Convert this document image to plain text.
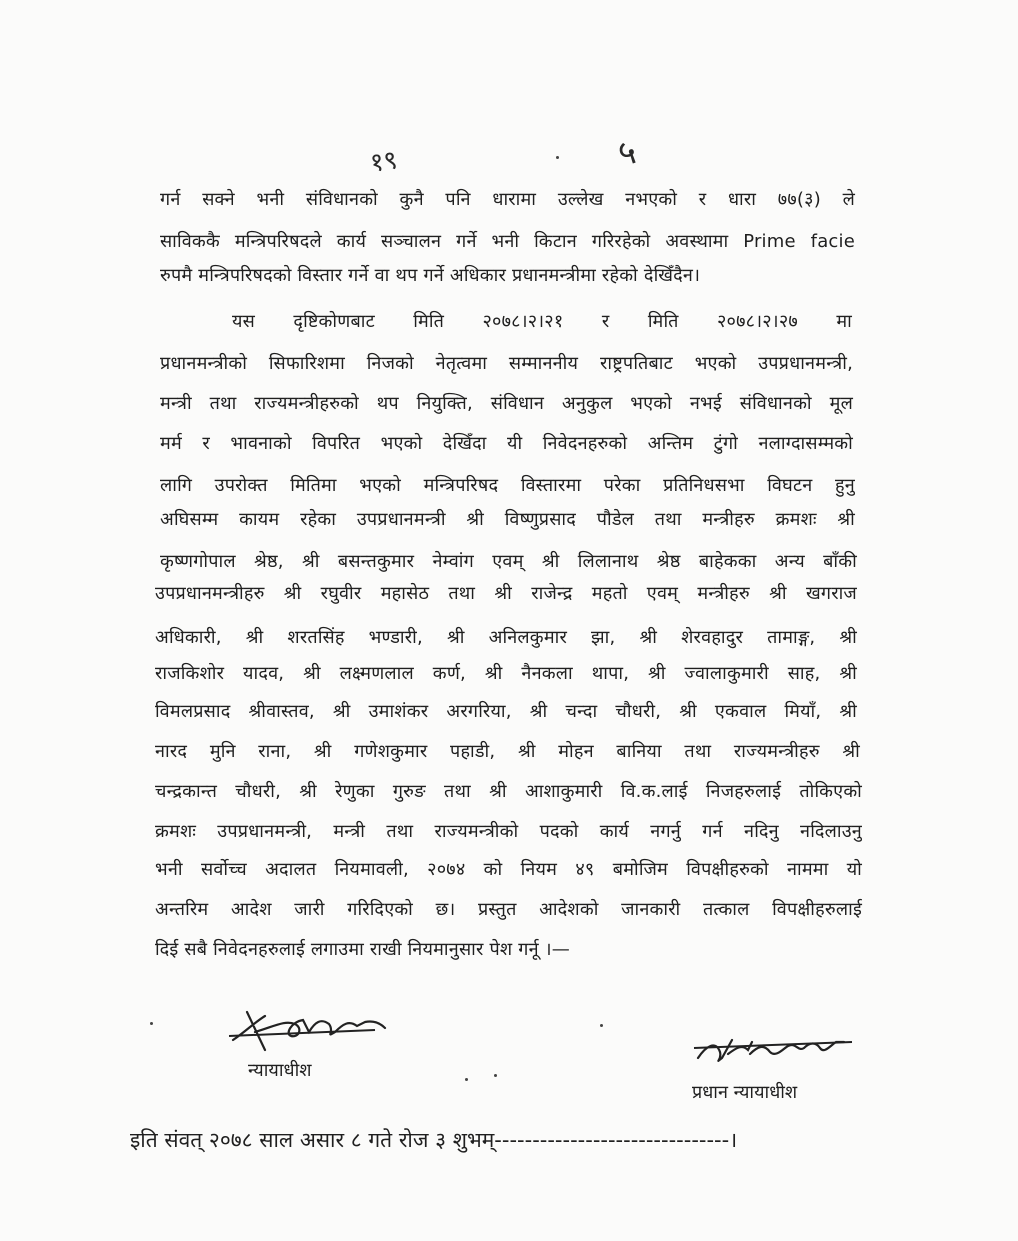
१९	५
गर्न सक्ने भनी संविधानको कुनै पनि धारामा उल्लेख नभएको र धारा ७७(३) ले
साविककै मन्त्रिपरिषदले कार्य सञ्चालन गर्ने भनी किटान गरिरहेको अवस्थामा Prime facie
रुपमै मन्त्रिपरिषदको विस्तार गर्ने वा थप गर्ने अधिकार प्रधानमन्त्रीमा रहेको देखिँदैन।
यस दृष्टिकोणबाट मिति २०७८।२।२१ र मिति २०७८।२।२७ मा
प्रधानमन्त्रीको सिफारिशमा निजको नेतृत्वमा सम्माननीय राष्ट्रपतिबाट भएको उपप्रधानमन्त्री,
मन्त्री तथा राज्यमन्त्रीहरुको थप नियुक्ति, संविधान अनुकुल भएको नभई संविधानको मूल
मर्म र भावनाको विपरित भएको देखिँदा यी निवेदनहरुको अन्तिम टुंगो नलाग्दासम्मको
लागि उपरोक्त मितिमा भएको मन्त्रिपरिषद विस्तारमा परेका प्रतिनिधसभा विघटन हुनु
अघिसम्म कायम रहेका उपप्रधानमन्त्री श्री विष्णुप्रसाद पौडेल तथा मन्त्रीहरु क्रमशः श्री
कृष्णगोपाल श्रेष्ठ, श्री बसन्तकुमार नेम्वांग एवम् श्री लिलानाथ श्रेष्ठ बाहेकका अन्य बाँकी
उपप्रधानमन्त्रीहरु श्री रघुवीर महासेठ तथा श्री राजेन्द्र महतो एवम् मन्त्रीहरु श्री खगराज
अधिकारी, श्री शरतसिंह भण्डारी, श्री अनिलकुमार झा, श्री शेरवहादुर तामाङ्ग, श्री
राजकिशोर यादव, श्री लक्ष्मणलाल कर्ण, श्री नैनकला थापा, श्री ज्वालाकुमारी साह, श्री
विमलप्रसाद श्रीवास्तव, श्री उमाशंकर अरगरिया, श्री चन्दा चौधरी, श्री एकवाल मियाँ, श्री
नारद मुनि राना, श्री गणेशकुमार पहाडी, श्री मोहन बानिया तथा राज्यमन्त्रीहरु श्री
चन्द्रकान्त चौधरी, श्री रेणुका गुरुङ तथा श्री आशाकुमारी वि.क.लाई निजहरुलाई तोकिएको
क्रमशः उपप्रधानमन्त्री, मन्त्री तथा राज्यमन्त्रीको पदको कार्य नगर्नु गर्न नदिनु नदिलाउनु
भनी सर्वोच्च अदालत नियमावली, २०७४ को नियम ४९ बमोजिम विपक्षीहरुको नाममा यो
अन्तरिम आदेश जारी गरिदिएको छ। प्रस्तुत आदेशको जानकारी तत्काल विपक्षीहरुलाई
दिई सबै निवेदनहरुलाई लगाउमा राखी नियमानुसार पेश गर्नू ।—
न्यायाधीश
प्रधान न्यायाधीश
इति संवत् २०७८ साल असार ८ गते रोज ३ शुभम्-------------------------------।
